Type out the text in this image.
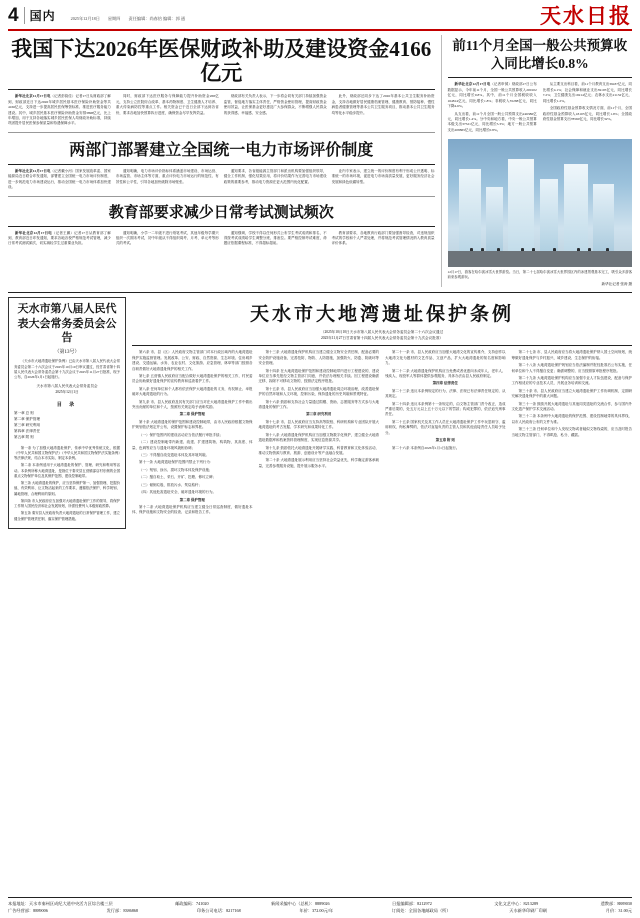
4 国内	2025年12月18日 星期四 责任编辑：尚春怡 编辑：郭 通	天水日报
我国下达2026年医保财政补助及建设资金4166亿元

新华社北京12月17日电（记者彭韵佳）记者17日从财政部了解到，财政部近日下达2026年城乡居民基本医疗保险补助资金等共4166亿元，支持进一步提高居民医保筹资标准、推进医疗服务能力建设。其中，城乡居民基本医疗保险补助资金安排3898亿元，比上年增加，用于支持各地落实城乡居民医保人均财政补助标准，持续巩固提升居民医保参保质量和待遇保障水平。

同时，财政部下达医疗服务与保障能力提升补助资金268亿元，支持公立医院综合改革、基本药物制度、卫生健康人才培养、重大传染病防控等重点工作。相关资金已于近日全部下达到各省份，要求各地加快预算执行进度，确保资金尽早发挥效益。

财政部有关负责人表示，下一步将会同有关部门持续加强资金监管，督促地方落实主体责任，严格资金使用管理，提高财政资金使用效益，让医保基金更好惠及广大参保群众，不断增强人民群众的获得感、幸福感、安全感。

此外，财政部还同步下达了2026年基本公共卫生服务补助资金，支持各地做好居民健康档案管理、健康教育、预防接种、慢性病患者健康管理等基本公共卫生服务项目，推动基本公共卫生服务均等化水平稳步提升。

两部门部署建立全国统一电力市场评价制度

新华社北京12月17日电（记者戴小河）国家发展改革委、国家能源局近日联合印发通知，部署建立全国统一电力市场评价制度，进一步规范电力市场建设运行，推动全国统一电力市场体系加快建设。

通知明确，电力市场评价指标体系涵盖市场建设、市场运营、市场监管、市场主体等方面，重点评价电力市场运行的规范性、有效性和公平性，引导各地加快破除市场壁垒。

通知要求，各省级能源主管部门和派出机构要加强组织领导，健全工作机制，强化结果应用，将评价结果作为完善电力市场建设政策的重要参考，推动电力资源在更大范围内优化配置。

业内专家表示，建立统一的评价制度有利于形成公开透明、标准统一的市场环境，促进电力市场高质量发展，更好服务经济社会发展和绿色低碳转型。

教育部要求减少日常考试测试频次

新华社北京12月17日电（记者王鹏）记者17日从教育部了解到，教育部近日印发通知，要求各地各校严格规范考试管理，减少日常考试测试频次，切实减轻学生过重课业负担。

通知明确，小学一二年级不进行纸笔考试，其他年级每学期只组织一次期末考试，初中年级从不得组织周考、月考、单元考等形式的考试。

通知强调，学校不得以任何形式公布学生考试成绩和排名，不得按考试成绩给学生调整分班、排座位。要严格控制考试难度，命题应依据课程标准，不得超标超前。

教育部要求，各地教育行政部门要加强督导检查，对违规组织考试的学校和个人严肃处理，并将规范考试管理情况纳入教育质量评价体系。

前11个月全国一般公共预算收入同比增长0.8%

新华社北京12月17日电（记者申铖）财政部17日公布数据显示，今年前11个月，全国一般公共预算收入200102亿元，同比增长0.8%。其中，前11个月全国税收收入164814亿元，同比增长1.8%；非税收入35288亿元，同比下降4.6%。

从支出看，前11个月全国一般公共预算支出246386亿元，同比增长1.4%。分中央和地方看，中央一般公共预算本级支出37521亿元，同比增长5.3%；地方一般公共预算支出208865亿元，同比增长0.8%。

从主要支出科目看，前11个月教育支出39437亿元，同比增长4.1%；社会保障和就业支出39105亿元，同比增长7.2%；卫生健康支出19214亿元；农林水支出21132亿元，同比增长1.2%。

全国政府性基金预算收支情况方面，前11个月，全国政府性基金预算收入43103亿元，同比增长1.9%；全国政府性基金预算支出78560亿元，同比增长32%。

12月17日，游客在哈尔滨冰雪大世界游览。当日，第二十七届哈尔滨冰雪大世界园区内的冰建景观基本完工，吸引众多游客前来参观游玩。
新华社记者 张涛 摄
天水市第八届人民代表大会常务委员会公告
（第13号）

《天水市大地湾遗址保护条例》已由天水市第八届人民代表大会常务委员会第二十六次会议于2025年10月10日审议通过，经甘肃省第十四届人民代表大会常务委员会第十九次会议于2025年11月27日批准，现予公布，自2026年1月1日起施行。

天水市第八届人民代表大会常务委员会
2025年12月1日
目 录
第一章 总 则
第二章 保护管理
第三章 研究利用
第四章 法律责任
第五章 附 则

第一条 为了加强大地湾遗址保护，传承中华优秀传统文化，根据《中华人民共和国文物保护法》《中华人民共和国文物保护法实施条例》等法律法规，结合本市实际，制定本条例。

第二条 本条例适用于大地湾遗址的保护、管理、研究和利用等活动。本条例所称大地湾遗址，是指位于秦安县五营镇邵店村东侧的全国重点文物保护单位及其保护范围、建设控制地带。

第三条 大地湾遗址的保护，应当坚持保护第一、加强管理、挖掘价值、有效利用、让文物活起来的工作要求，遵循依法保护、科学规划、属地管理、合理利用的原则。

第四条 市人民政府应当加强对大地湾遗址保护工作的领导，将保护工作纳入国民经济和社会发展规划，所需经费列入本级财政预算。

第五条 秦安县人民政府负责大地湾遗址的日常保护管理工作，建立健全保护管理责任制，落实保护管理措施。

天水市大地湾遗址保护条例
（2025年10月10日天水市第八届人民代表大会常务委员会第二十六次会议通过
2025年11月27日甘肃省第十四届人民代表大会常务委员会第十九次会议批准）

第六条 市、县（区）人民政府文物主管部门对本行政区域内的大地湾遗址保护实施监督管理。发展改革、公安、财政、自然资源、生态环境、住房城乡建设、交通运输、水务、农业农村、文化旅游、应急管理、林草等部门按照各自职责做好大地湾遗址保护的相关工作。

第七条 五营镇人民政府应当配合做好大地湾遗址保护的相关工作，村民委员会协助做好遗址保护的宣传教育和巡查看护工作。

第八条 任何单位和个人都有依法保护大地湾遗址的义务，有权制止、举报破坏大地湾遗址的行为。

第九条 市、县人民政府及其有关部门应当对在大地湾遗址保护工作中做出突出贡献的单位和个人，按照有关规定给予表彰奖励。

第二章 保护管理

第十条 大地湾遗址的保护范围和建设控制地带，由市人民政府根据文物保护规划依法划定并公布，设置保护标志和界桩。

（一）保护范围内的建设活动应当依法履行审批手续；

（二）建设控制地带内新建、改建、扩建建筑物、构筑物，其高度、体量、色调等应当与遗址环境风貌相协调；

（三）不得擅自改变遗址本体及其环境风貌。

第十一条 大地湾遗址保护范围内禁止下列行为：

（一）刻划、涂污、损坏文物本体及保护设施；

（二）擅自取土、采石、开矿、挖塘、修坟立碑；

（三）倾倒垃圾、排放污水、焚烧秸秆；

（四）其他危害遗址安全、破坏遗址环境的行为。

第二章 保护管理

第十二条 大地湾遗址保护机构应当建立健全日常巡查制度，做好遗址本体、保护设施和文物安全的检查、记录和报告工作。

第十三条 大地湾遗址保护机构应当建立健全文物安全责任制，配备必要的安全防护设施设备，完善技防、物防、人防措施，加强防火、防盗、防破坏等安全管理。

第十四条 在大地湾遗址保护范围和建设控制地带内进行工程建设的，建设单位应当事先报经文物主管部门同意，并依法办理相关手续。因工程建设确需迁移、拆除不可移动文物的，按照法定程序报批。

第十五条 市、县人民政府应当加强大地湾遗址周边环境治理，改善遗址保护的自然环境和人文环境，控制污染，保持遗址的历史风貌和景观特征。

第十六条 鼓励和支持社会力量通过捐赠、资助、志愿服务等方式参与大地湾遗址的保护工作。

第三章 研究利用

第十七条 市、县人民政府应当支持高等院校、科研机构和专业团队开展大地湾遗址的考古发掘、学术研究和成果转化工作。

第十八条 大地湾遗址保护机构应当加强文物数字化保护，建立健全大地湾遗址数据库和档案资料管理制度，实现信息资源共享。

第十九条 鼓励依托大地湾遗址开展研学实践、科普教育和文化体验活动，推动文物资源与教育、旅游、创意设计等产业融合发展。

第二十条 大地湾遗址展示利用应当坚持社会效益优先，科学确定游客承载量，完善参观服务设施，提升展示服务水平。

第二十一条 市、县人民政府应当加强大地湾文化的宣传推介，支持创作以大地湾文化为题材的文艺作品、文创产品，扩大大地湾遗址的知名度和影响力。

第二十二条 大地湾遗址保护机构应当免费或者优惠向未成年人、老年人、残疾人、现役军人等群体提供参观服务，具体办法由县人民政府制定。

第四章 法律责任

第二十三条 违反本条例规定的行为，法律、法规已有法律责任规定的，从其规定。

第二十四条 违反本条例第十一条规定的，由文物主管部门责令改正，造成严重后果的，处五万元以上五十万元以下的罚款；构成犯罪的，依法追究刑事责任。

第二十五条 国家机关及其工作人员在大地湾遗址保护工作中玩忽职守、滥用职权、徇私舞弊的，依法对直接负责的主管人员和其他直接责任人员给予处分。

第五章 附 则

第二十六条 本条例自2026年1月1日起施行。

第二十七条 市、县人民政府应当将大地湾遗址保护纳入国土空间规划，统筹做好遗址保护与乡村振兴、城乡建设、生态保护的衔接。

第二十八条 大地湾遗址保护规划应当依法编制并报经批准后公布实施，任何单位和个人不得擅自变更；确需调整的，应当按照原审批程序报批。

第二十九条 大地湾遗址保护机构应当加强专业人才队伍建设，配备与保护工作相适应的专业技术人员，开展业务培训和交流。

第三十条 市、县人民政府应当建立大地湾遗址保护工作协调机制，定期研究解决遗址保护中的重大问题。

第三十一条 鼓励开展大地湾遗址与其他同类遗址的交流合作，参与国内外文化遗产保护学术交流活动。

第三十二条 本条例中大地湾遗址的保护范围、建设控制地带的具体界线，以市人民政府公布的文件为准。

第三十三条 任何单位和个人发现文物或者疑似文物线索的，应当及时报告当地文物主管部门，不得哄抢、私分、藏匿。

本报地址：天水市秦州区成纪大道中央活力区综合楼三层	邮政编码：741020	新闻采编中心（总机）：8889026	日报编辑部：8212972	文化文艺中心：8213289	遗教部：8889030
广告经营部：8889006	发行部：8386868	印务公司电话：8217168	年价：372.00元/年	订阅处：全国各地邮政局（所）	天水新华印刷厂印刷	月价：31.00元
